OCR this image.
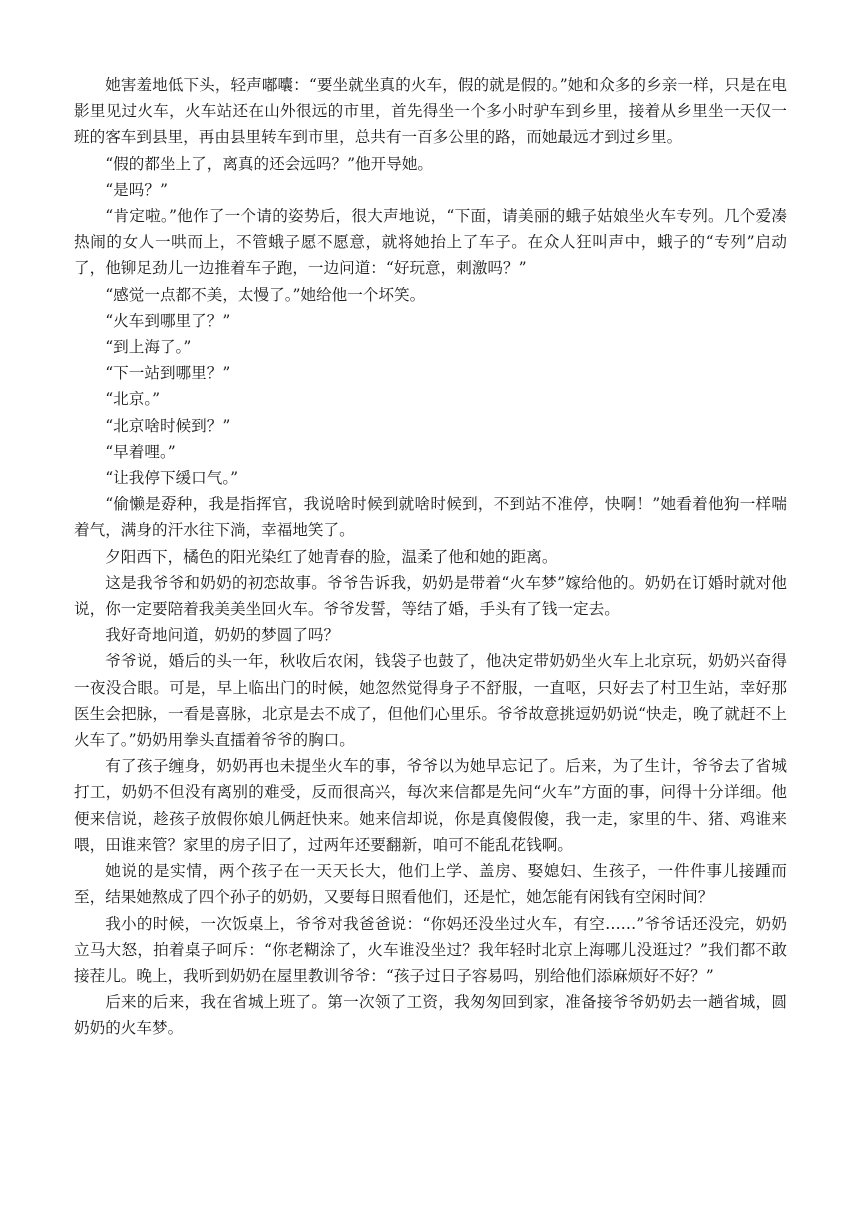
她害羞地低下头，轻声嘟囔：“要坐就坐真的火车，假的就是假的。”她和众多的乡亲一样，只是在电影里见过火车，火车站还在山外很远的市里，首先得坐一个多小时驴车到乡里，接着从乡里坐一天仅一班的客车到县里，再由县里转车到市里，总共有一百多公里的路，而她最远才到过乡里。

“假的都坐上了，离真的还会远吗？”他开导她。

“是吗？”

“肯定啦。”他作了一个请的姿势后，很大声地说，“下面，请美丽的蛾子姑娘坐火车专列。几个爱凑热闹的女人一哄而上，不管蛾子愿不愿意，就将她抬上了车子。在众人狂叫声中，蛾子的“专列”启动了，他铆足劲儿一边推着车子跑，一边问道：“好玩意，刺激吗？”

“感觉一点都不美，太慢了。”她给他一个坏笑。

“火车到哪里了？”

“到上海了。”

“下一站到哪里？”

“北京。”

“北京啥时候到？”

“早着哩。”

“让我停下缓口气。”

“偷懒是孬种，我是指挥官，我说啥时候到就啥时候到，不到站不准停，快啊！”她看着他狗一样喘着气，满身的汗水往下淌，幸福地笑了。

夕阳西下，橘色的阳光染红了她青春的脸，温柔了他和她的距离。

这是我爷爷和奶奶的初恋故事。爷爷告诉我，奶奶是带着“火车梦”嫁给他的。奶奶在订婚时就对他说，你一定要陪着我美美坐回火车。爷爷发誓，等结了婚，手头有了钱一定去。

我好奇地问道，奶奶的梦圆了吗？

爷爷说，婚后的头一年，秋收后农闲，钱袋子也鼓了，他决定带奶奶坐火车上北京玩，奶奶兴奋得一夜没合眼。可是，早上临出门的时候，她忽然觉得身子不舒服，一直呕，只好去了村卫生站，幸好那医生会把脉，一看是喜脉，北京是去不成了，但他们心里乐。爷爷故意挑逗奶奶说“快走，晚了就赶不上火车了。”奶奶用拳头直擂着爷爷的胸口。

有了孩子缠身，奶奶再也未提坐火车的事，爷爷以为她早忘记了。后来，为了生计，爷爷去了省城打工，奶奶不但没有离别的难受，反而很高兴，每次来信都是先问“火车”方面的事，问得十分详细。他便来信说，趁孩子放假你娘儿俩赶快来。她来信却说，你是真傻假傻，我一走，家里的牛、猪、鸡谁来喂，田谁来管？家里的房子旧了，过两年还要翻新，咱可不能乱花钱啊。

她说的是实情，两个孩子在一天天长大，他们上学、盖房、娶媳妇、生孩子，一件件事儿接踵而至，结果她熬成了四个孙子的奶奶，又要每日照看他们，还是忙，她怎能有闲钱有空闲时间？

我小的时候，一次饭桌上，爷爷对我爸爸说：“你妈还没坐过火车，有空……”爷爷话还没完，奶奶立马大怒，拍着桌子呵斥：“你老糊涂了，火车谁没坐过？我年轻时北京上海哪儿没逛过？”我们都不敢接茬儿。晚上，我听到奶奶在屋里教训爷爷：“孩子过日子容易吗，别给他们添麻烦好不好？”

后来的后来，我在省城上班了。第一次领了工资，我匆匆回到家，准备接爷爷奶奶去一趟省城，圆奶奶的火车梦。
